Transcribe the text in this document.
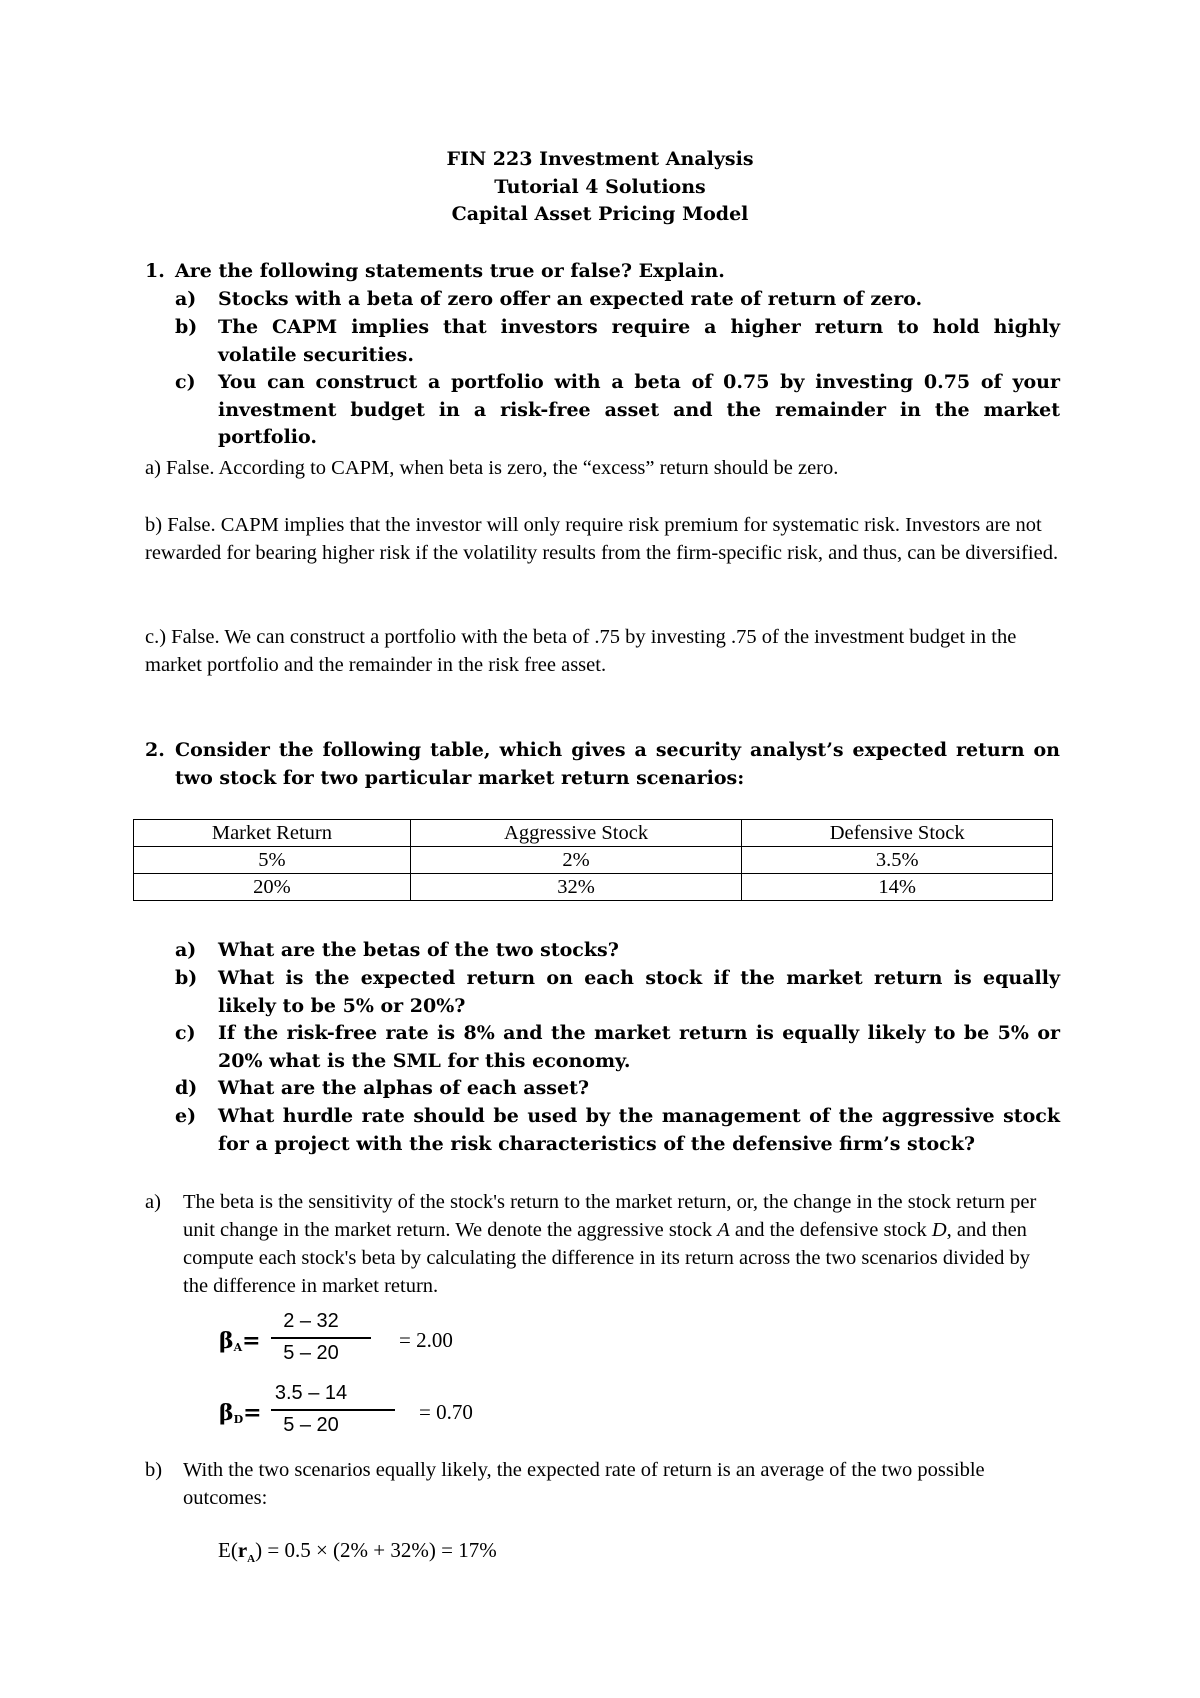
FIN 223 Investment Analysis
Tutorial 4 Solutions
Capital Asset Pricing Model
1. Are the following statements true or false? Explain.
a) Stocks with a beta of zero offer an expected rate of return of zero.
b) The CAPM implies that investors require a higher return to hold highly volatile securities.
c) You can construct a portfolio with a beta of 0.75 by investing 0.75 of your investment budget in a risk-free asset and the remainder in the market portfolio.
a) False. According to CAPM, when beta is zero, the “excess” return should be zero.
b) False. CAPM implies that the investor will only require risk premium for systematic risk. Investors are not rewarded for bearing higher risk if the volatility results from the firm-specific risk, and thus, can be diversified.
c.) False. We can construct a portfolio with the beta of .75 by investing .75 of the investment budget in the market portfolio and the remainder in the risk free asset.
2. Consider the following table, which gives a security analyst’s expected return on two stock for two particular market return scenarios:
Market Return	Aggressive Stock	Defensive Stock
5%	2%	3.5%
20%	32%	14%
a) What are the betas of the two stocks?
b) What is the expected return on each stock if the market return is equally likely to be 5% or 20%?
c) If the risk-free rate is 8% and the market return is equally likely to be 5% or 20% what is the SML for this economy.
d) What are the alphas of each asset?
e) What hurdle rate should be used by the management of the aggressive stock for a project with the risk characteristics of the defensive firm’s stock?
a) The beta is the sensitivity of the stock's return to the market return, or, the change in the stock return per unit change in the market return. We denote the aggressive stock A and the defensive stock D, and then compute each stock's beta by calculating the difference in its return across the two scenarios divided by the difference in market return.
$\beta_A=$
2 – 32
5 – 20
= 2.00
$\beta_D=$
3.5 – 14
5 – 20
= 0.70
b) With the two scenarios equally likely, the expected rate of return is an average of the two possible outcomes:
$E(r_A) = 0.5 \times (2\% + 32\%) = 17\%$
